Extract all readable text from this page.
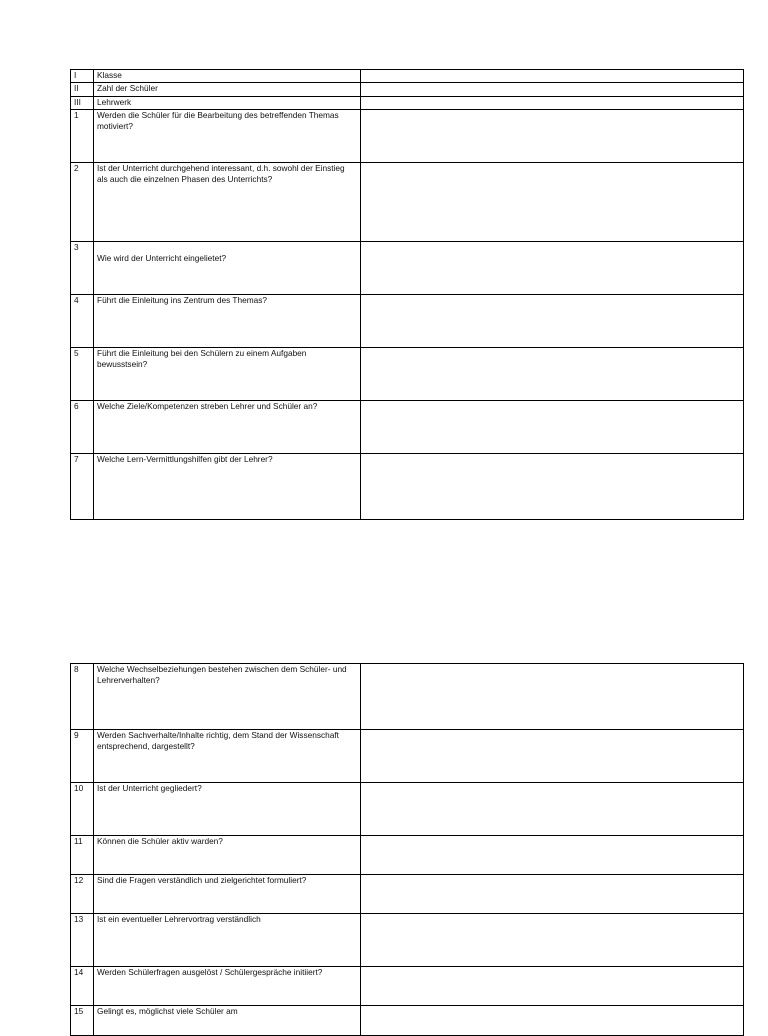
I	Klasse	
II	Zahl der Schüler	
III	Lehrwerk	
1	Werden die Schüler für die Bearbeitung des betreffenden Themas motiviert?	
2	Ist der Unterricht durchgehend interessant, d.h. sowohl der Einstieg als auch die einzelnen Phasen des Unterrichts?	
3	Wie wird der Unterricht eingelietet?	
4	Führt die Einleitung ins Zentrum des Themas?	
5	Führt die Einleitung bei den Schülern zu einem Aufgaben bewusstsein?	
6	Welche Ziele/Kompetenzen streben Lehrer und Schüler an?	
7	Welche Lern-Vermittlungshilfen gibt der Lehrer?	
8	Welche Wechselbeziehungen bestehen zwischen dem Schüler- und Lehrerverhalten?	
9	Werden Sachverhalte/Inhalte richtig, dem Stand der Wissenschaft entsprechend, dargestellt?	
10	Ist der Unterricht gegliedert?	
11	Können die Schüler aktiv warden?	
12	Sind die Fragen verständlich und zielgerichtet formuliert?	
13	Ist ein eventueller Lehrervortrag verständlich	
14	Werden Schülerfragen ausgelöst / Schülergespräche initiiert?	
15	Gelingt es, möglichst viele Schüler am	
